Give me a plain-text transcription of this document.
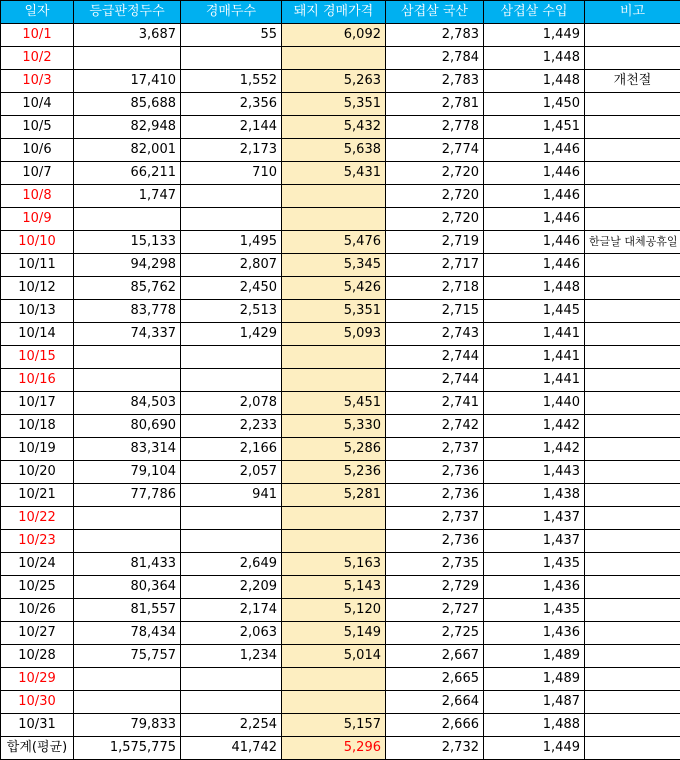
일자	등급판정두수	경매두수	돼지 경매가격	삼겹살 국산	삼겹살 수입	비고
10/1	3,687	55	6,092	2,783	1,449	
10/2				2,784	1,448	
10/3	17,410	1,552	5,263	2,783	1,448	개천절
10/4	85,688	2,356	5,351	2,781	1,450	
10/5	82,948	2,144	5,432	2,778	1,451	
10/6	82,001	2,173	5,638	2,774	1,446	
10/7	66,211	710	5,431	2,720	1,446	
10/8	1,747			2,720	1,446	
10/9				2,720	1,446	
10/10	15,133	1,495	5,476	2,719	1,446	한글날 대체공휴일
10/11	94,298	2,807	5,345	2,717	1,446	
10/12	85,762	2,450	5,426	2,718	1,448	
10/13	83,778	2,513	5,351	2,715	1,445	
10/14	74,337	1,429	5,093	2,743	1,441	
10/15				2,744	1,441	
10/16				2,744	1,441	
10/17	84,503	2,078	5,451	2,741	1,440	
10/18	80,690	2,233	5,330	2,742	1,442	
10/19	83,314	2,166	5,286	2,737	1,442	
10/20	79,104	2,057	5,236	2,736	1,443	
10/21	77,786	941	5,281	2,736	1,438	
10/22				2,737	1,437	
10/23				2,736	1,437	
10/24	81,433	2,649	5,163	2,735	1,435	
10/25	80,364	2,209	5,143	2,729	1,436	
10/26	81,557	2,174	5,120	2,727	1,435	
10/27	78,434	2,063	5,149	2,725	1,436	
10/28	75,757	1,234	5,014	2,667	1,489	
10/29				2,665	1,489	
10/30				2,664	1,487	
10/31	79,833	2,254	5,157	2,666	1,488	
합계(평균)	1,575,775	41,742	5,296	2,732	1,449	
